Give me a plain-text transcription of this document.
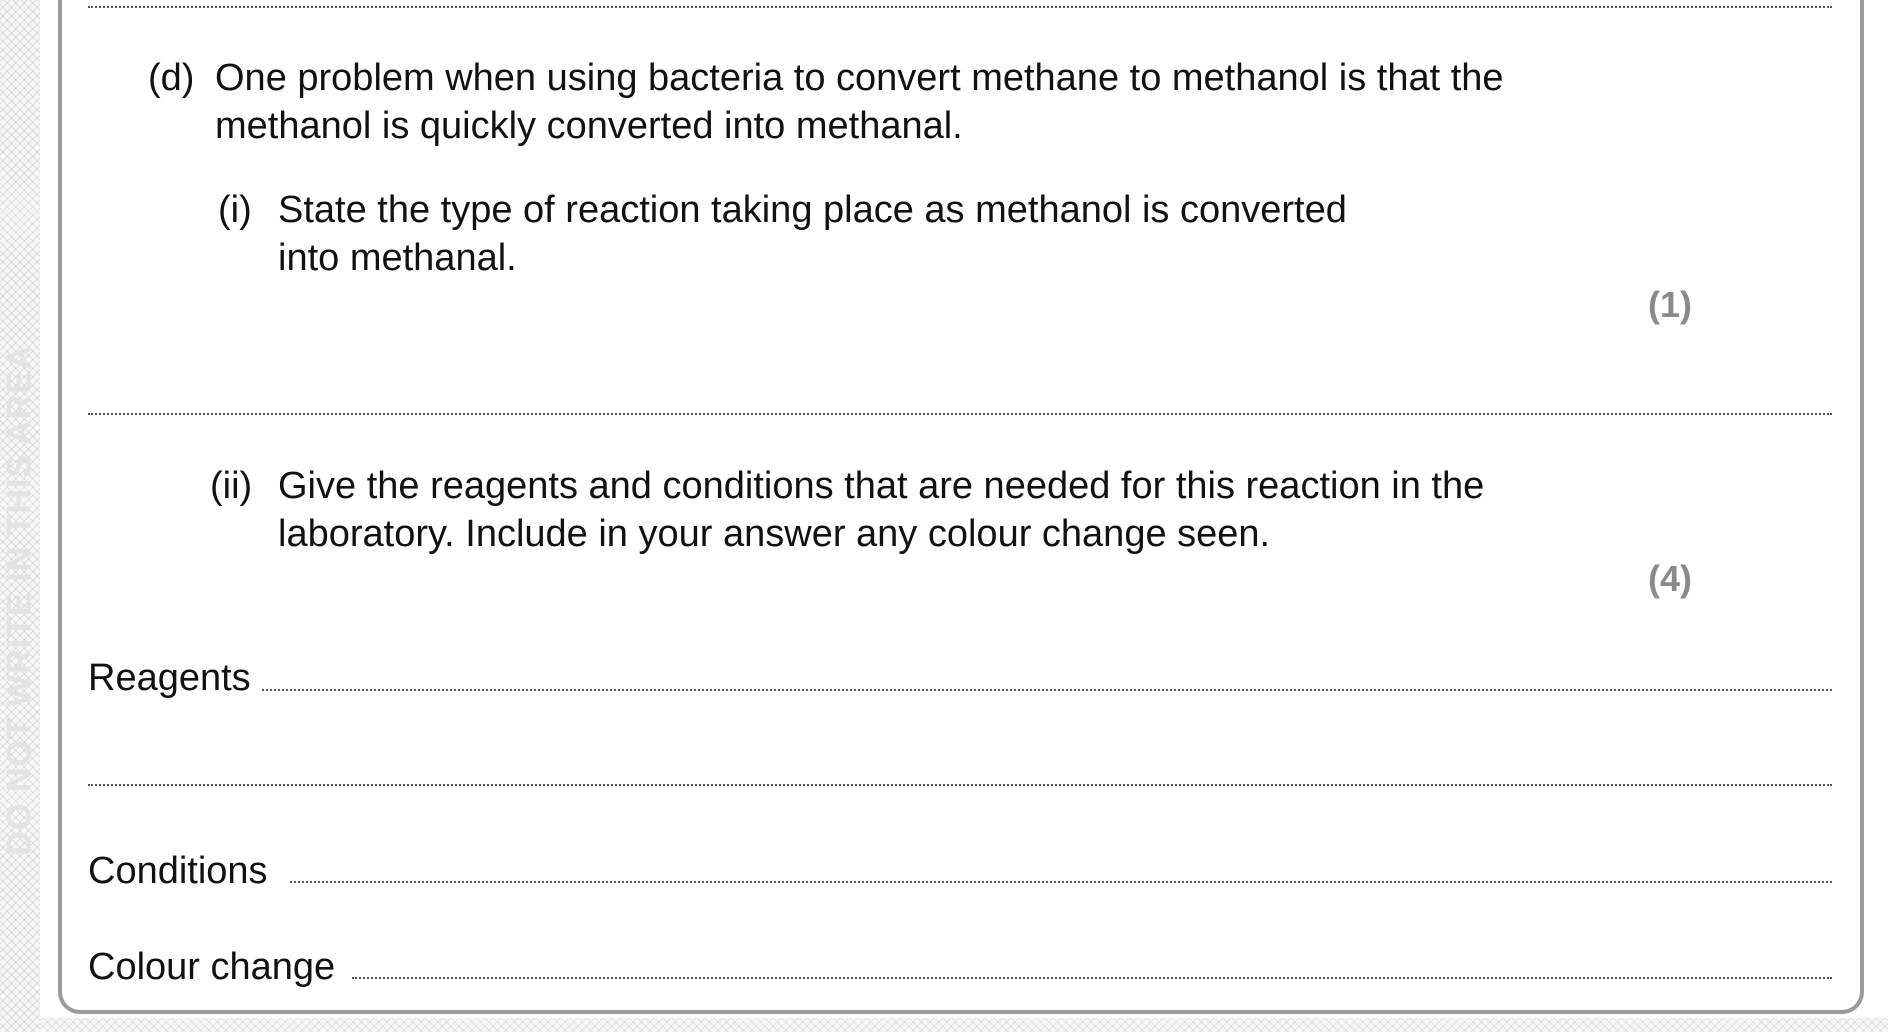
DO NOT WRITE IN THIS AREA
(d) One problem when using bacteria to convert methane to methanol is that the
methanol is quickly converted into methanal.
(i) State the type of reaction taking place as methanol is converted
into methanal.
(1)
(ii) Give the reagents and conditions that are needed for this reaction in the
laboratory. Include in your answer any colour change seen.
(4)
Reagents
Conditions
Colour change
